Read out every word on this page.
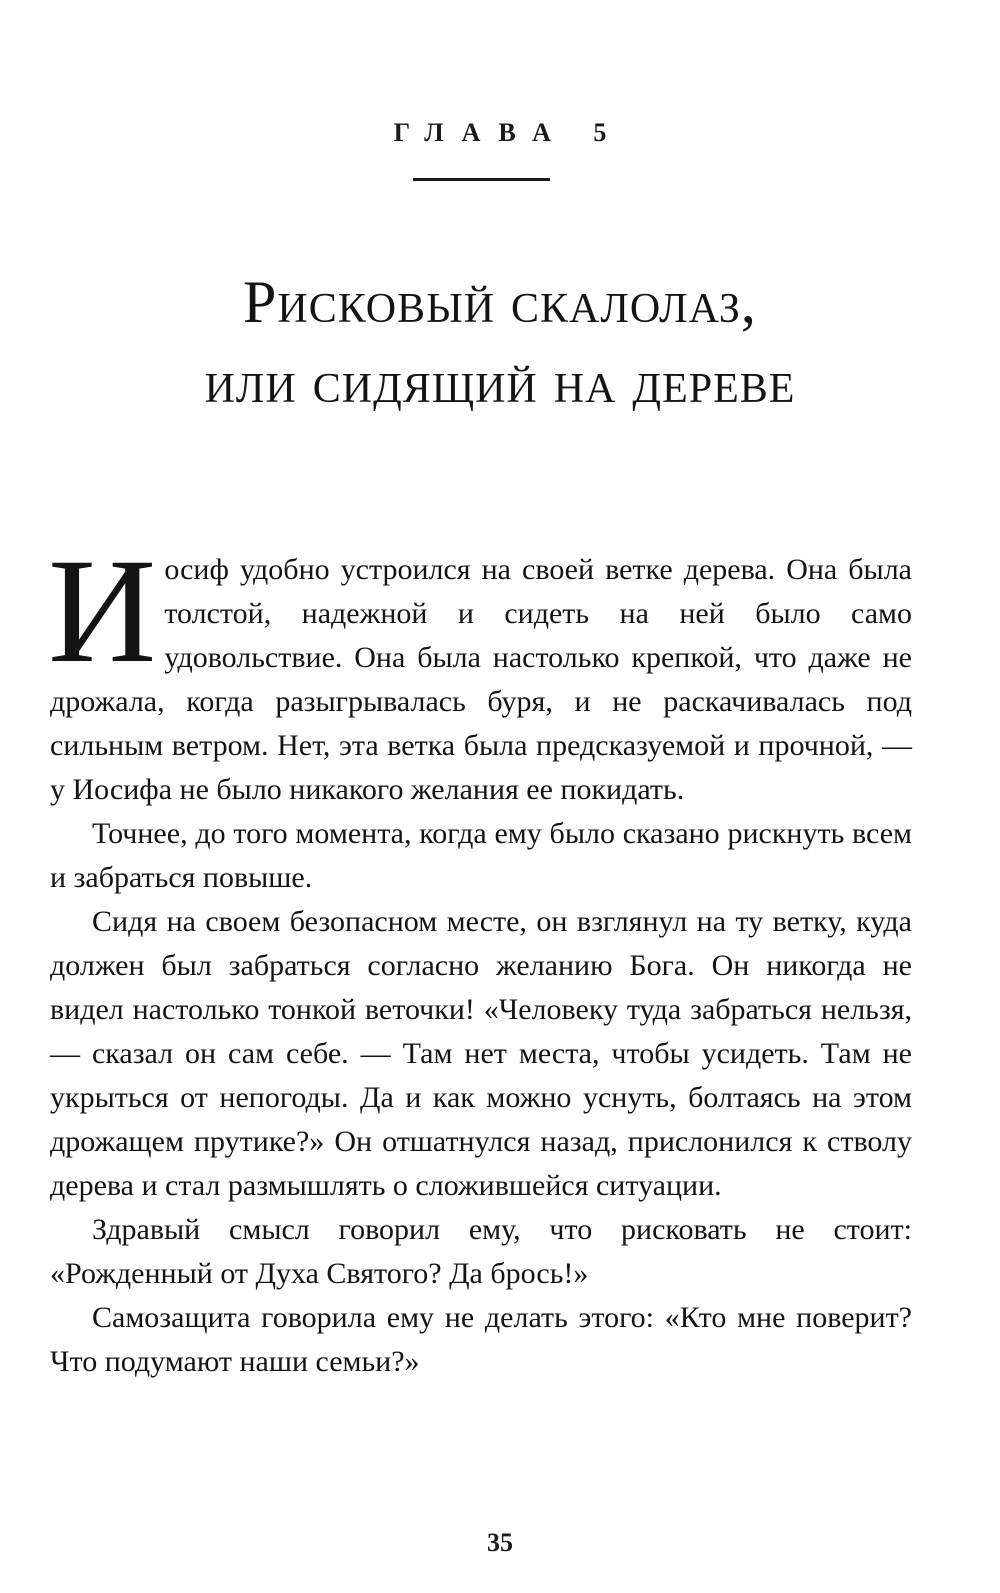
ГЛАВА 5
Рисковый скалолаз,
или сидящий на дереве

Иосиф удобно устроился на своей ветке дерева. Она была толстой, надежной и сидеть на ней было само удовольствие. Она была настолько крепкой, что даже не дрожала, когда разыгрывалась буря, и не раскачивалась под сильным ветром. Нет, эта ветка была предсказуемой и прочной, — у Иосифа не было никакого желания ее покидать.

Точнее, до того момента, когда ему было сказано рискнуть всем и забраться повыше.

Сидя на своем безопасном месте, он взглянул на ту ветку, куда должен был забраться согласно желанию Бога. Он никогда не видел настолько тонкой веточки! «Человеку туда забраться нельзя, — сказал он сам себе. — Там нет места, чтобы усидеть. Там не укрыться от непогоды. Да и как можно уснуть, болтаясь на этом дрожащем прутике?» Он отшатнулся назад, прислонился к стволу дерева и стал размышлять о сложившейся ситуации.

Здравый смысл говорил ему, что рисковать не стоит: «Рожденный от Духа Святого? Да брось!»

Самозащита говорила ему не делать этого: «Кто мне поверит? Что подумают наши семьи?»

35
